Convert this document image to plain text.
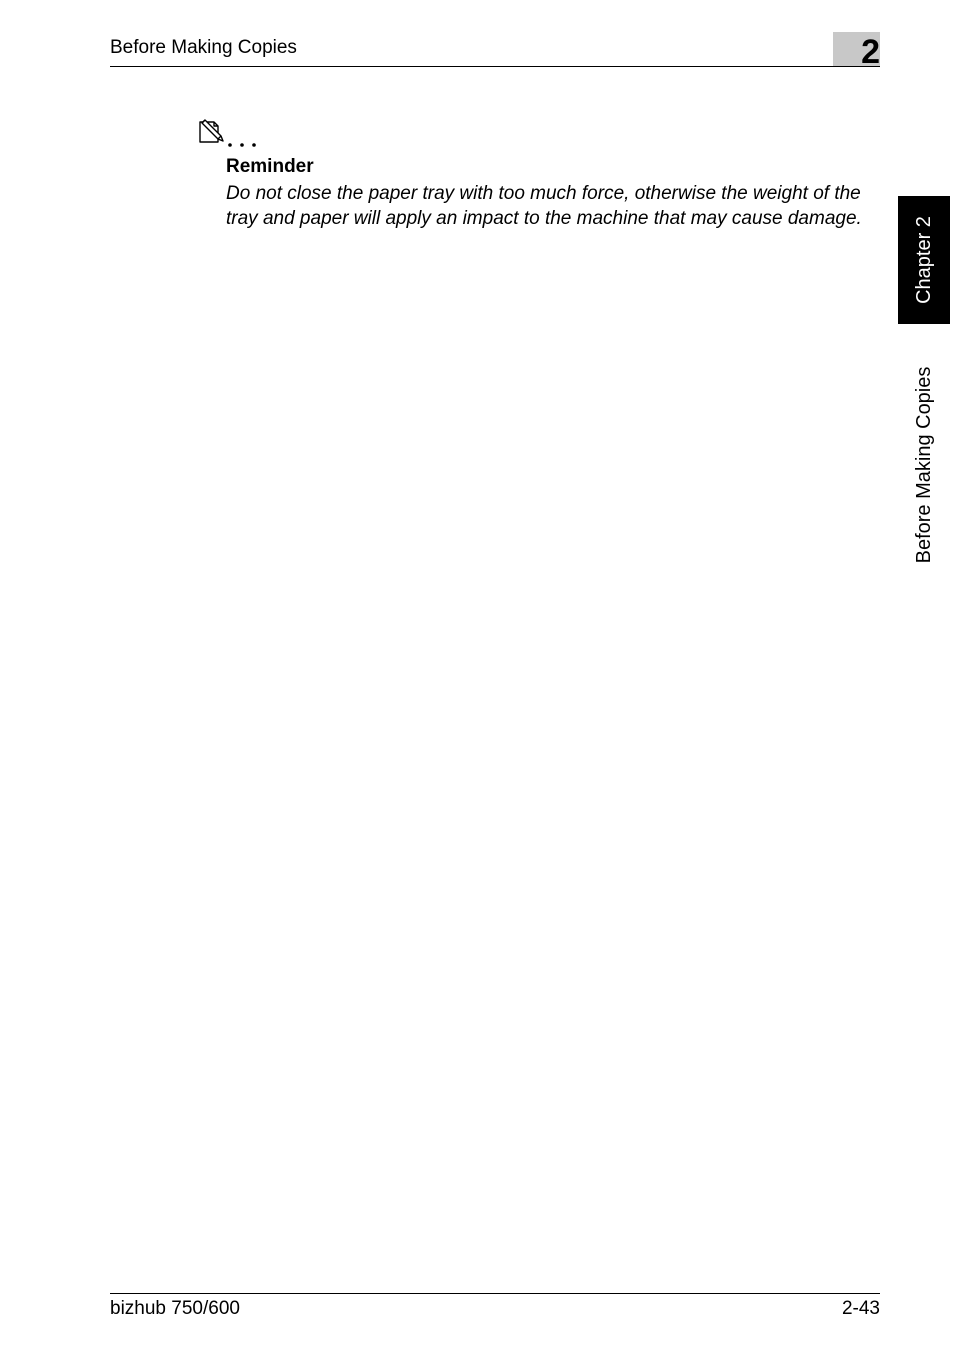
Before Making Copies	2
Chapter 2
Before Making Copies
Reminder
Do not close the paper tray with too much force, otherwise the weight of the tray and paper will apply an impact to the machine that may cause damage.
bizhub 750/600	2-43
